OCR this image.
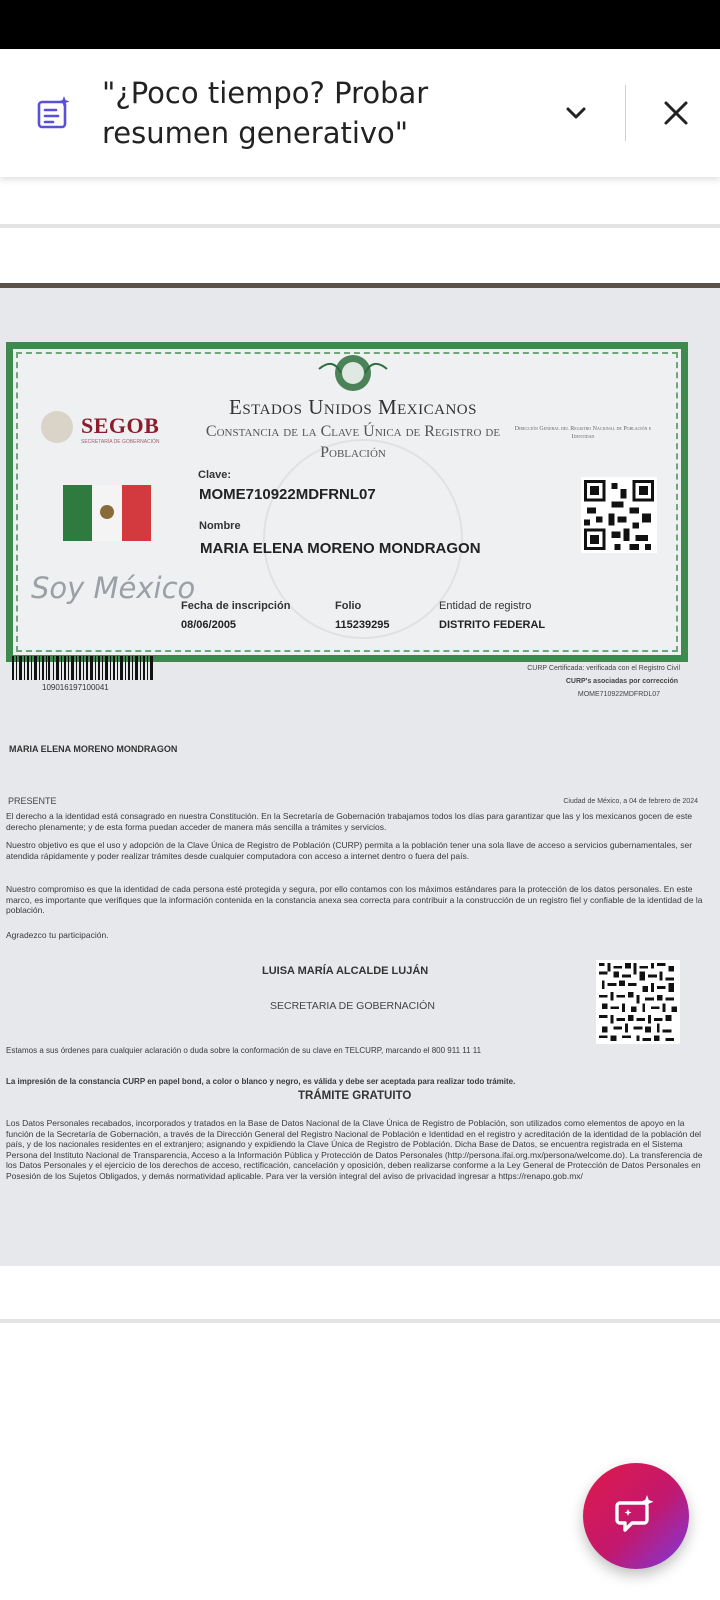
"¿Poco tiempo? Probar resumen generativo"
SEGOB
SECRETARÍA DE GOBERNACIÓN
Estados Unidos Mexicanos
Constancia de la Clave Única de Registro de Población
Dirección General del Registro Nacional de Población e Identidad
Clave:
MOME710922MDFRNL07
Nombre
MARIA ELENA MORENO MONDRAGON
Soy México
Fecha de inscripción
08/06/2005
Folio
115239295
Entidad de registro
DISTRITO FEDERAL
109016197100041
CURP Certificada: verificada con el Registro Civil
CURP's asociadas por corrección
MOME710922MDFRDL07
MARIA ELENA MORENO MONDRAGON
PRESENTE	Ciudad de México, a 04 de febrero de 2024
El derecho a la identidad está consagrado en nuestra Constitución. En la Secretaría de Gobernación trabajamos todos los días para garantizar que las y los mexicanos gocen de este derecho plenamente; y de esta forma puedan acceder de manera más sencilla a trámites y servicios.
Nuestro objetivo es que el uso y adopción de la Clave Única de Registro de Población (CURP) permita a la población tener una sola llave de acceso a servicios gubernamentales, ser atendida rápidamente y poder realizar trámites desde cualquier computadora con acceso a internet dentro o fuera del país.
Nuestro compromiso es que la identidad de cada persona esté protegida y segura, por ello contamos con los máximos estándares para la protección de los datos personales. En este marco, es importante que verifiques que la información contenida en la constancia anexa sea correcta para contribuir a la construcción de un registro fiel y confiable de la identidad de la población.
Agradezco tu participación.
LUISA MARÍA ALCALDE LUJÁN
SECRETARIA DE GOBERNACIÓN
Estamos a sus órdenes para cualquier aclaración o duda sobre la conformación de su clave en TELCURP, marcando el 800 911 11 11
La impresión de la constancia CURP en papel bond, a color o blanco y negro, es válida y debe ser aceptada para realizar todo trámite.
TRÁMITE GRATUITO
Los Datos Personales recabados, incorporados y tratados en la Base de Datos Nacional de la Clave Única de Registro de Población, son utilizados como elementos de apoyo en la función de la Secretaría de Gobernación, a través de la Dirección General del Registro Nacional de Población e Identidad en el registro y acreditación de la identidad de la población del país, y de los nacionales residentes en el extranjero; asignando y expidiendo la Clave Única de Registro de Población. Dicha Base de Datos, se encuentra registrada en el Sistema Persona del Instituto Nacional de Transparencia, Acceso a la Información Pública y Protección de Datos Personales (http://persona.ifai.org.mx/persona/welcome.do). La transferencia de los Datos Personales y el ejercicio de los derechos de acceso, rectificación, cancelación y oposición, deben realizarse conforme a la Ley General de Protección de Datos Personales en Posesión de los Sujetos Obligados, y demás normatividad aplicable. Para ver la versión integral del aviso de privacidad ingresar a https://renapo.gob.mx/
